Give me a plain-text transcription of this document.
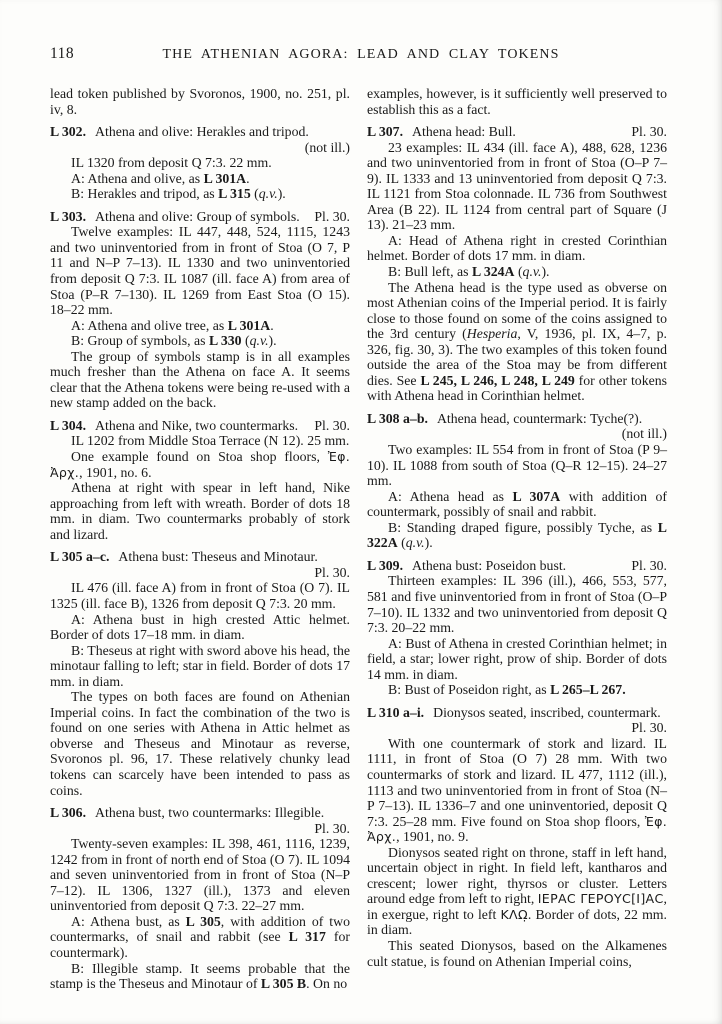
118	THE ATHENIAN AGORA: LEAD AND CLAY TOKENS

lead token published by Svoronos, 1900, no. 251, pl. iv, 8.

L 302. Athena and olive: Herakles and tripod.
(not ill.)

IL 1320 from deposit Q 7:3. 22 mm.

A: Athena and olive, as L 301A.

B: Herakles and tripod, as L 315 (q.v.).

L 303. Athena and olive: Group of symbols. Pl. 30.

Twelve examples: IL 447, 448, 524, 1115, 1243 and two uninventoried from in front of Stoa (O 7, P 11 and N–P 7–13). IL 1330 and two uninventoried from deposit Q 7:3. IL 1087 (ill. face A) from area of Stoa (P–R 7–130). IL 1269 from East Stoa (O 15). 18–22 mm.

A: Athena and olive tree, as L 301A.

B: Group of symbols, as L 330 (q.v.).

The group of symbols stamp is in all examples much fresher than the Athena on face A. It seems clear that the Athena tokens were being re-used with a new stamp added on the back.

L 304. Athena and Nike, two countermarks. Pl. 30.

IL 1202 from Middle Stoa Terrace (N 12). 25 mm.

One example found on Stoa shop floors, Ἐφ. Ἀρχ., 1901, no. 6.

Athena at right with spear in left hand, Nike approaching from left with wreath. Border of dots 18 mm. in diam. Two countermarks probably of stork and lizard.

L 305 a–c. Athena bust: Theseus and Minotaur.
Pl. 30.

IL 476 (ill. face A) from in front of Stoa (O 7). IL 1325 (ill. face B), 1326 from deposit Q 7:3. 20 mm.

A: Athena bust in high crested Attic helmet. Border of dots 17–18 mm. in diam.

B: Theseus at right with sword above his head, the minotaur falling to left; star in field. Border of dots 17 mm. in diam.

The types on both faces are found on Athenian Imperial coins. In fact the combination of the two is found on one series with Athena in Attic helmet as obverse and Theseus and Minotaur as reverse, Svoronos pl. 96, 17. These relatively chunky lead tokens can scarcely have been intended to pass as coins.

L 306. Athena bust, two countermarks: Illegible.
Pl. 30.

Twenty-seven examples: IL 398, 461, 1116, 1239, 1242 from in front of north end of Stoa (O 7). IL 1094 and seven uninventoried from in front of Stoa (N–P 7–12). IL 1306, 1327 (ill.), 1373 and eleven uninventoried from deposit Q 7:3. 22–27 mm.

A: Athena bust, as L 305, with addition of two countermarks, of snail and rabbit (see L 317 for countermark).

B: Illegible stamp. It seems probable that the stamp is the Theseus and Minotaur of L 305 B. On no

examples, however, is it sufficiently well preserved to establish this as a fact.

L 307. Athena head: Bull.	Pl. 30.

23 examples: IL 434 (ill. face A), 488, 628, 1236 and two uninventoried from in front of Stoa (O–P 7–9). IL 1333 and 13 uninventoried from deposit Q 7:3. IL 1121 from Stoa colonnade. IL 736 from Southwest Area (B 22). IL 1124 from central part of Square (J 13). 21–23 mm.

A: Head of Athena right in crested Corinthian helmet. Border of dots 17 mm. in diam.

B: Bull left, as L 324A (q.v.).

The Athena head is the type used as obverse on most Athenian coins of the Imperial period. It is fairly close to those found on some of the coins assigned to the 3rd century (Hesperia, V, 1936, pl. IX, 4–7, p. 326, fig. 30, 3). The two examples of this token found outside the area of the Stoa may be from different dies. See L 245, L 246, L 248, L 249 for other tokens with Athena head in Corinthian helmet.

L 308 a–b. Athena head, countermark: Tyche(?).
(not ill.)

Two examples: IL 554 from in front of Stoa (P 9–10). IL 1088 from south of Stoa (Q–R 12–15). 24–27 mm.

A: Athena head as L 307A with addition of countermark, possibly of snail and rabbit.

B: Standing draped figure, possibly Tyche, as L 322A (q.v.).

L 309. Athena bust: Poseidon bust.	Pl. 30.

Thirteen examples: IL 396 (ill.), 466, 553, 577, 581 and five uninventoried from in front of Stoa (O–P 7–10). IL 1332 and two uninventoried from deposit Q 7:3. 20–22 mm.

A: Bust of Athena in crested Corinthian helmet; in field, a star; lower right, prow of ship. Border of dots 14 mm. in diam.

B: Bust of Poseidon right, as L 265–L 267.

L 310 a–i. Dionysos seated, inscribed, countermark.
Pl. 30.

With one countermark of stork and lizard. IL 1111, in front of Stoa (O 7) 28 mm. With two countermarks of stork and lizard. IL 477, 1112 (ill.), 1113 and two uninventoried from in front of Stoa (N–P 7–13). IL 1336–7 and one uninventoried, deposit Q 7:3. 25–28 mm. Five found on Stoa shop floors, Ἐφ. Ἀρχ., 1901, no. 9.

Dionysos seated right on throne, staff in left hand, uncertain object in right. In field left, kantharos and crescent; lower right, thyrsos or cluster. Letters around edge from left to right, ΙΕΡΑC ΓΕΡΟΥC[Ι]ΑC, in exergue, right to left ΚΛΩ̣. Border of dots, 22 mm. in diam.

This seated Dionysos, based on the Alkamenes cult statue, is found on Athenian Imperial coins,
